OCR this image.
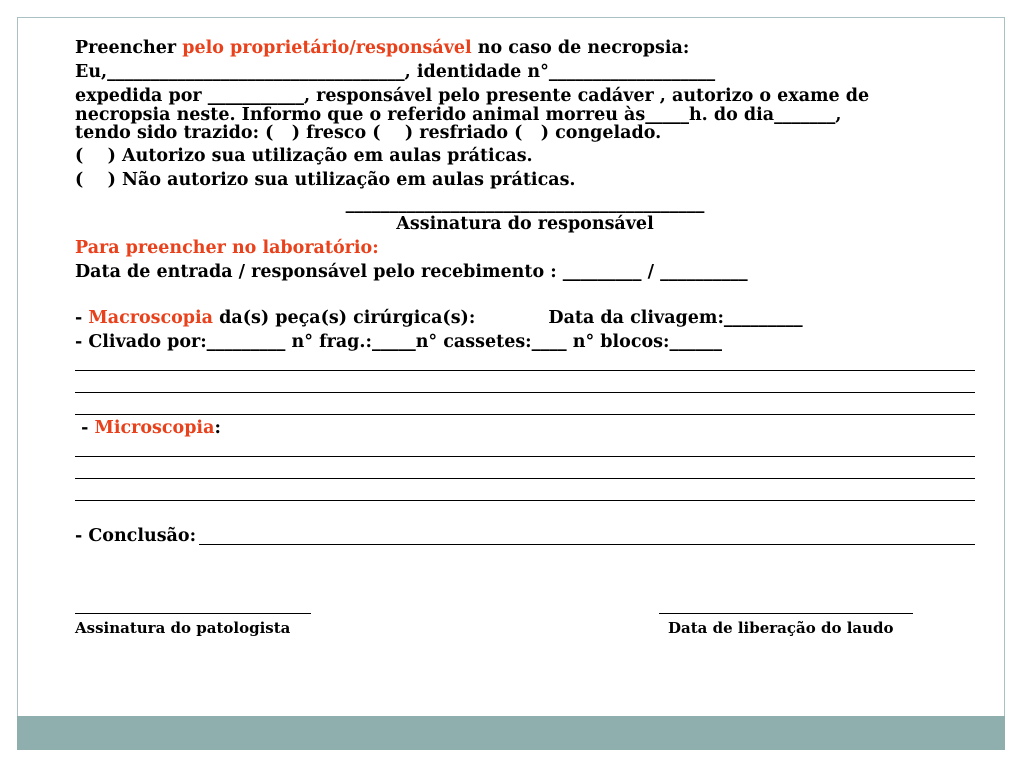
Preencher pelo proprietário/responsável no caso de necropsia:
Eu,__________________________________, identidade n°___________________
expedida por ___________, responsável pelo presente cadáver , autorizo o exame de
necropsia neste. Informo que o referido animal morreu às_____h. do dia_______,
tendo sido trazido: (   ) fresco (    ) resfriado (   ) congelado.
(    ) Autorizo sua utilização em aulas práticas.
(    ) Não autorizo sua utilização em aulas práticas.
_________________________________________
Assinatura do responsável
Para preencher no laboratório:
Data de entrada / responsável pelo recebimento : _________ / __________
- Macroscopia da(s) peça(s) cirúrgica(s):            Data da clivagem:_________
- Clivado por:_________ n° frag.:_____n° cassetes:____ n° blocos:______
- Microscopia:
- Conclusão:
Assinatura do patologista	Data de liberação do laudo
